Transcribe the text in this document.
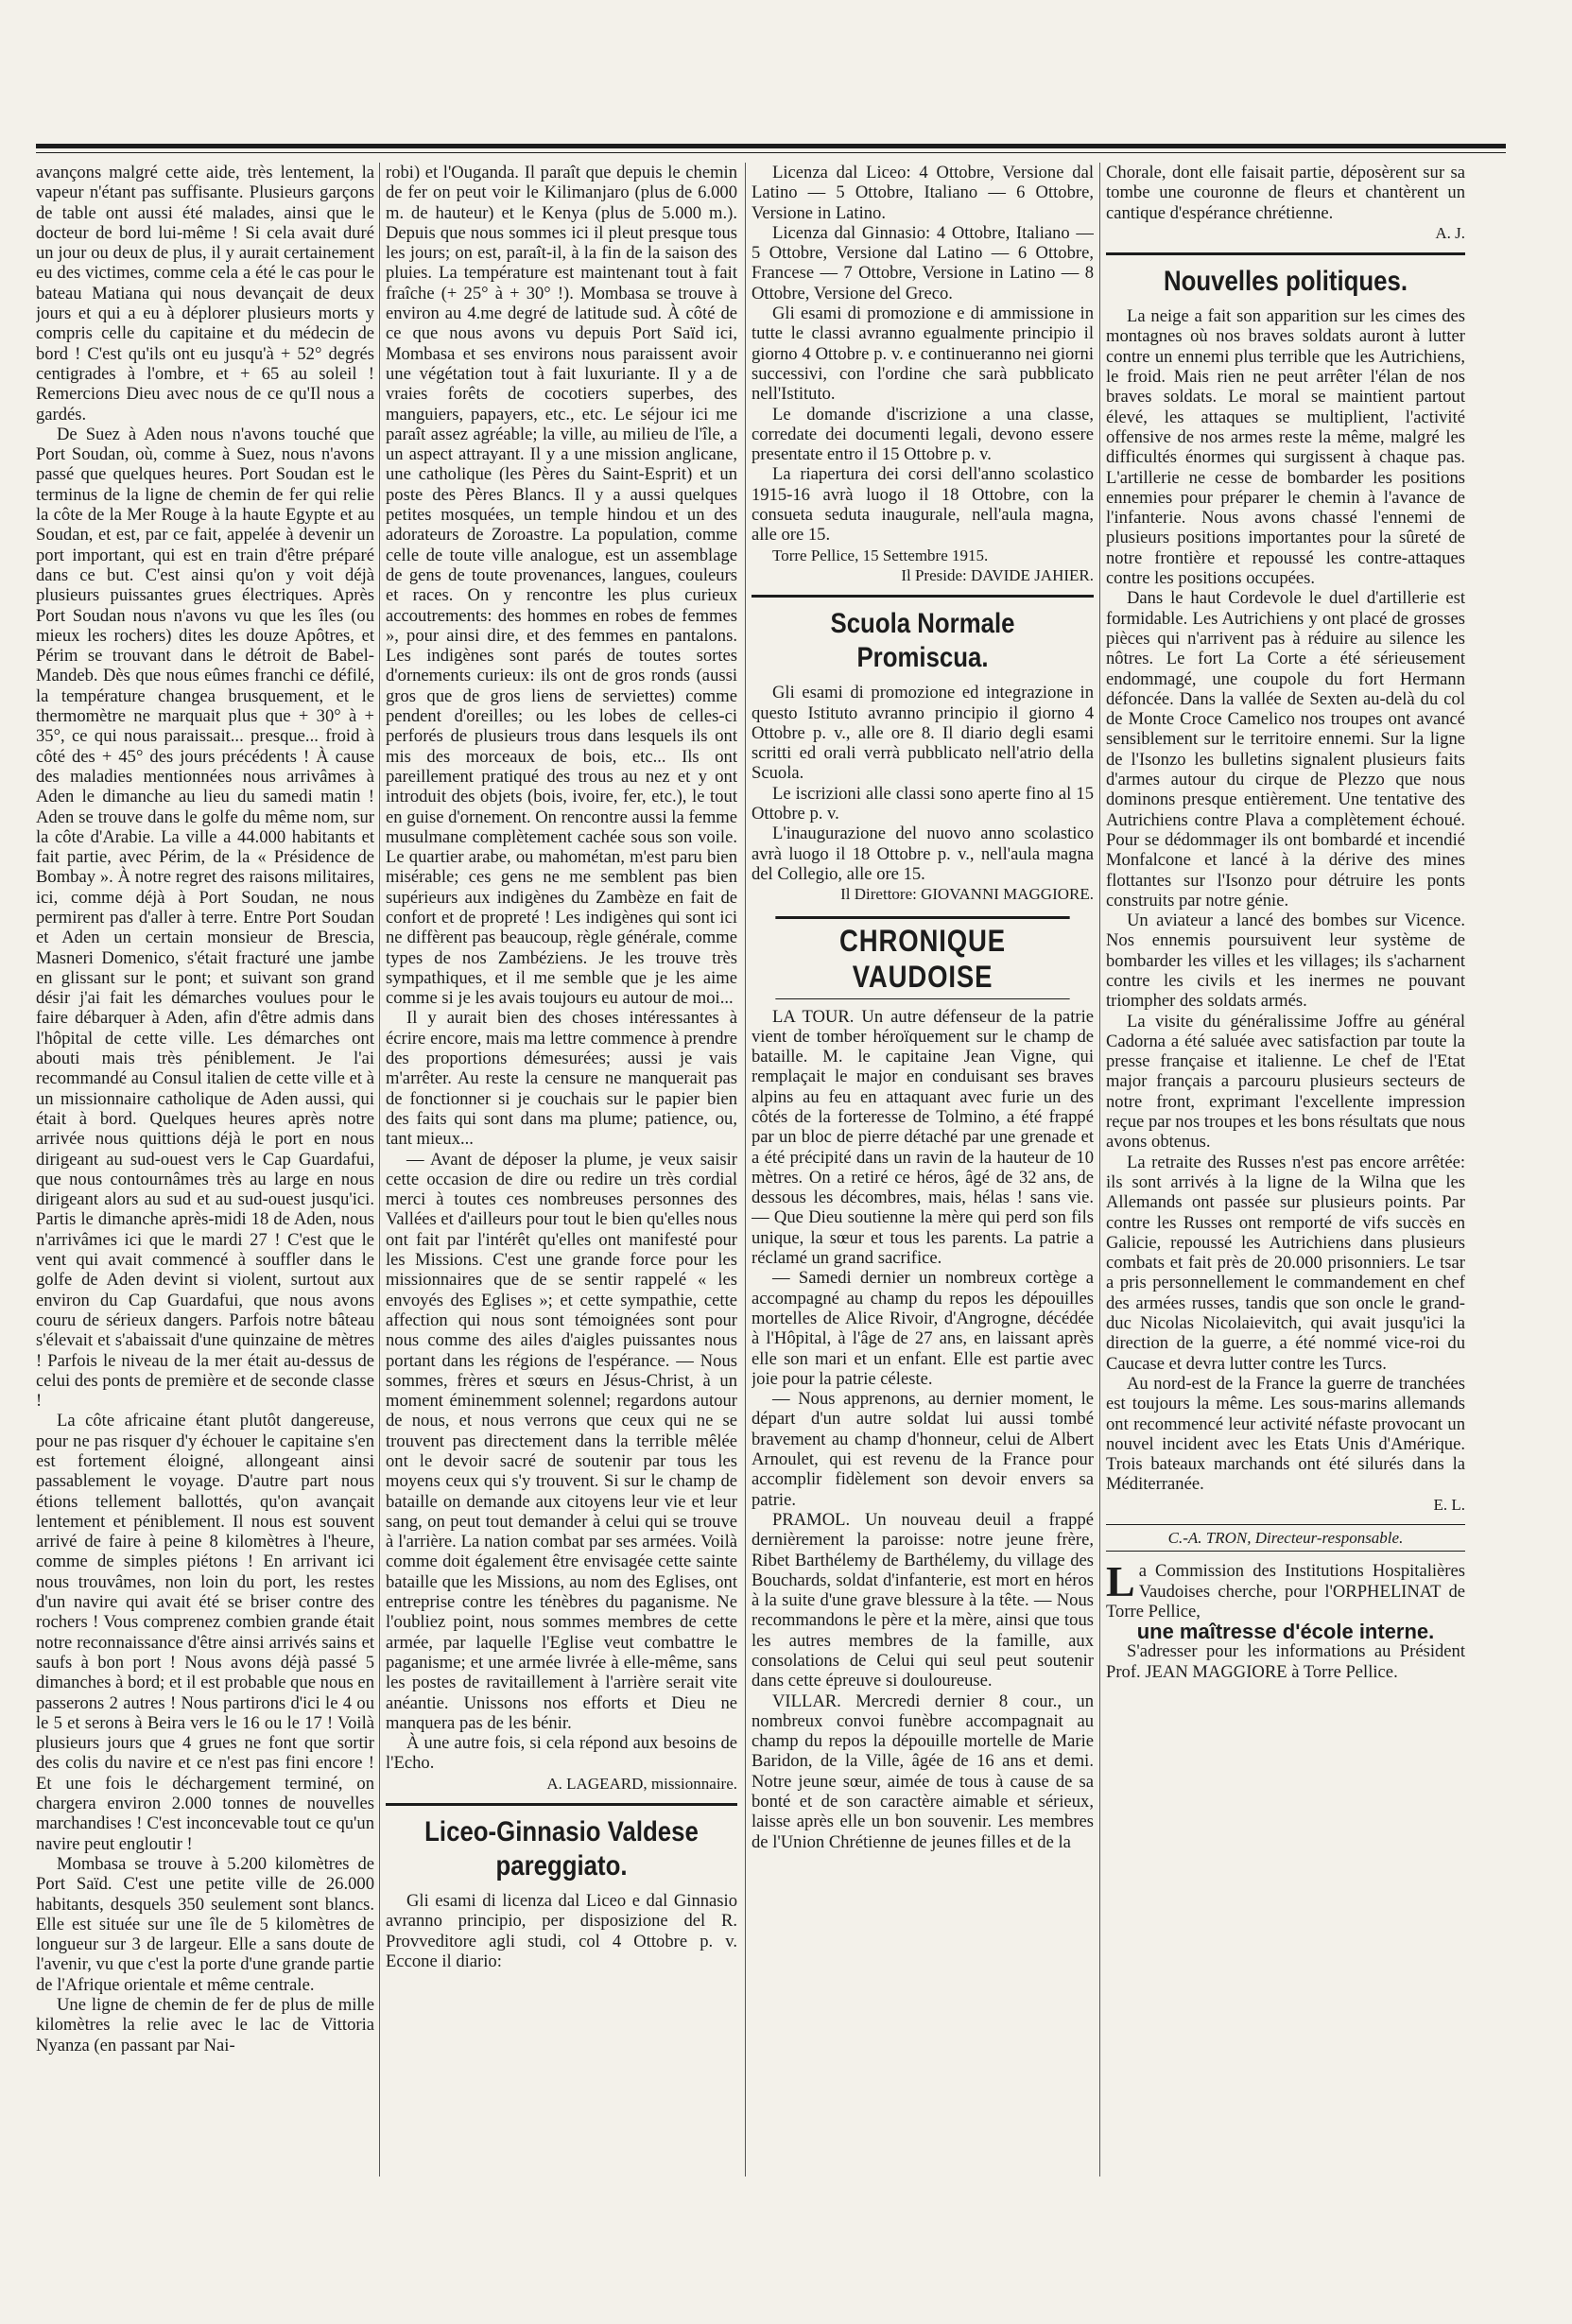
avançons malgré cette aide, très lentement, la vapeur n'étant pas suffisante. Plusieurs garçons de table ont aussi été malades, ainsi que le docteur de bord lui-même ! Si cela avait duré un jour ou deux de plus, il y aurait certainement eu des victimes, comme cela a été le cas pour le bateau Matiana qui nous devançait de deux jours et qui a eu à déplorer plusieurs morts y compris celle du capitaine et du médecin de bord ! C'est qu'ils ont eu jusqu'à + 52° degrés centigrades à l'ombre, et + 65 au soleil ! Remercions Dieu avec nous de ce qu'Il nous a gardés.

De Suez à Aden nous n'avons touché que Port Soudan, où, comme à Suez, nous n'avons passé que quelques heures. Port Soudan est le terminus de la ligne de chemin de fer qui relie la côte de la Mer Rouge à la haute Egypte et au Soudan, et est, par ce fait, appelée à devenir un port important, qui est en train d'être préparé dans ce but. C'est ainsi qu'on y voit déjà plusieurs puissantes grues électriques. Après Port Soudan nous n'avons vu que les îles (ou mieux les rochers) dites les douze Apôtres, et Périm se trouvant dans le détroit de Babel-Mandeb. Dès que nous eûmes franchi ce défilé, la température changea brusquement, et le thermomètre ne marquait plus que + 30° à + 35°, ce qui nous paraissait... presque... froid à côté des + 45° des jours précédents ! À cause des maladies mentionnées nous arrivâmes à Aden le dimanche au lieu du samedi matin ! Aden se trouve dans le golfe du même nom, sur la côte d'Arabie. La ville a 44.000 habitants et fait partie, avec Périm, de la « Présidence de Bombay ». À notre regret des raisons militaires, ici, comme déjà à Port Soudan, ne nous permirent pas d'aller à terre. Entre Port Soudan et Aden un certain monsieur de Brescia, Masneri Domenico, s'était fracturé une jambe en glissant sur le pont; et suivant son grand désir j'ai fait les démarches voulues pour le faire débarquer à Aden, afin d'être admis dans l'hôpital de cette ville. Les démarches ont abouti mais très péniblement. Je l'ai recommandé au Consul italien de cette ville et à un missionnaire catholique de Aden aussi, qui était à bord. Quelques heures après notre arrivée nous quittions déjà le port en nous dirigeant au sud-ouest vers le Cap Guardafui, que nous contournâmes très au large en nous dirigeant alors au sud et au sud-ouest jusqu'ici. Partis le dimanche après-midi 18 de Aden, nous n'arrivâmes ici que le mardi 27 ! C'est que le vent qui avait commencé à souffler dans le golfe de Aden devint si violent, surtout aux environ du Cap Guardafui, que nous avons couru de sérieux dangers. Parfois notre bâteau s'élevait et s'abaissait d'une quinzaine de mètres ! Parfois le niveau de la mer était au-dessus de celui des ponts de première et de seconde classe !

La côte africaine étant plutôt dangereuse, pour ne pas risquer d'y échouer le capitaine s'en est fortement éloigné, allongeant ainsi passablement le voyage. D'autre part nous étions tellement ballottés, qu'on avançait lentement et péniblement. Il nous est souvent arrivé de faire à peine 8 kilomètres à l'heure, comme de simples piétons ! En arrivant ici nous trouvâmes, non loin du port, les restes d'un navire qui avait été se briser contre des rochers ! Vous comprenez combien grande était notre reconnaissance d'être ainsi arrivés sains et saufs à bon port ! Nous avons déjà passé 5 dimanches à bord; et il est probable que nous en passerons 2 autres ! Nous partirons d'ici le 4 ou le 5 et serons à Beira vers le 16 ou le 17 ! Voilà plusieurs jours que 4 grues ne font que sortir des colis du navire et ce n'est pas fini encore ! Et une fois le déchargement terminé, on chargera environ 2.000 tonnes de nouvelles marchandises ! C'est inconcevable tout ce qu'un navire peut engloutir !

Mombasa se trouve à 5.200 kilomètres de Port Saïd. C'est une petite ville de 26.000 habitants, desquels 350 seulement sont blancs. Elle est située sur une île de 5 kilomètres de longueur sur 3 de largeur. Elle a sans doute de l'avenir, vu que c'est la porte d'une grande partie de l'Afrique orientale et même centrale.

Une ligne de chemin de fer de plus de mille kilomètres la relie avec le lac de Vittoria Nyanza (en passant par Nai-

robi) et l'Ouganda. Il paraît que depuis le chemin de fer on peut voir le Kilimanjaro (plus de 6.000 m. de hauteur) et le Kenya (plus de 5.000 m.). Depuis que nous sommes ici il pleut presque tous les jours; on est, paraît-il, à la fin de la saison des pluies. La température est maintenant tout à fait fraîche (+ 25° à + 30° !). Mombasa se trouve à environ au 4.me degré de latitude sud. À côté de ce que nous avons vu depuis Port Saïd ici, Mombasa et ses environs nous paraissent avoir une végétation tout à fait luxuriante. Il y a de vraies forêts de cocotiers superbes, des manguiers, papayers, etc., etc. Le séjour ici me paraît assez agréable; la ville, au milieu de l'île, a un aspect attrayant. Il y a une mission anglicane, une catholique (les Pères du Saint-Esprit) et un poste des Pères Blancs. Il y a aussi quelques petites mosquées, un temple hindou et un des adorateurs de Zoroastre. La population, comme celle de toute ville analogue, est un assemblage de gens de toute provenances, langues, couleurs et races. On y rencontre les plus curieux accoutrements: des hommes en robes de femmes », pour ainsi dire, et des femmes en pantalons. Les indigènes sont parés de toutes sortes d'ornements curieux: ils ont de gros ronds (aussi gros que de gros liens de serviettes) comme pendent d'oreilles; ou les lobes de celles-ci perforés de plusieurs trous dans lesquels ils ont mis des morceaux de bois, etc... Ils ont pareillement pratiqué des trous au nez et y ont introduit des objets (bois, ivoire, fer, etc.), le tout en guise d'ornement. On rencontre aussi la femme musulmane complètement cachée sous son voile. Le quartier arabe, ou mahométan, m'est paru bien misérable; ces gens ne me semblent pas bien supérieurs aux indigènes du Zambèze en fait de confort et de propreté ! Les indigènes qui sont ici ne diffèrent pas beaucoup, règle générale, comme types de nos Zambéziens. Je les trouve très sympathiques, et il me semble que je les aime comme si je les avais toujours eu autour de moi...

Il y aurait bien des choses intéressantes à écrire encore, mais ma lettre commence à prendre des proportions démesurées; aussi je vais m'arrêter. Au reste la censure ne manquerait pas de fonctionner si je couchais sur le papier bien des faits qui sont dans ma plume; patience, ou, tant mieux...

— Avant de déposer la plume, je veux saisir cette occasion de dire ou redire un très cordial merci à toutes ces nombreuses personnes des Vallées et d'ailleurs pour tout le bien qu'elles nous ont fait par l'intérêt qu'elles ont manifesté pour les Missions. C'est une grande force pour les missionnaires que de se sentir rappelé « les envoyés des Eglises »; et cette sympathie, cette affection qui nous sont témoignées sont pour nous comme des ailes d'aigles puissantes nous portant dans les régions de l'espérance. — Nous sommes, frères et sœurs en Jésus-Christ, à un moment éminemment solennel; regardons autour de nous, et nous verrons que ceux qui ne se trouvent pas directement dans la terrible mêlée ont le devoir sacré de soutenir par tous les moyens ceux qui s'y trouvent. Si sur le champ de bataille on demande aux citoyens leur vie et leur sang, on peut tout demander à celui qui se trouve à l'arrière. La nation combat par ses armées. Voilà comme doit également être envisagée cette sainte bataille que les Missions, au nom des Eglises, ont entreprise contre les ténèbres du paganisme. Ne l'oubliez point, nous sommes membres de cette armée, par laquelle l'Eglise veut combattre le paganisme; et une armée livrée à elle-même, sans les postes de ravitaillement à l'arrière serait vite anéantie. Unissons nos efforts et Dieu ne manquera pas de les bénir.

À une autre fois, si cela répond aux besoins de l'Echo.

A. LAGEARD, missionnaire.

Liceo-Ginnasio Valdese pareggiato.

Gli esami di licenza dal Liceo e dal Ginnasio avranno principio, per disposizione del R. Provveditore agli studi, col 4 Ottobre p. v. Eccone il diario:

Licenza dal Liceo: 4 Ottobre, Versione dal Latino — 5 Ottobre, Italiano — 6 Ottobre, Versione in Latino.

Licenza dal Ginnasio: 4 Ottobre, Italiano — 5 Ottobre, Versione dal Latino — 6 Ottobre, Francese — 7 Ottobre, Versione in Latino — 8 Ottobre, Versione del Greco.

Gli esami di promozione e di ammissione in tutte le classi avranno egualmente principio il giorno 4 Ottobre p. v. e continueranno nei giorni successivi, con l'ordine che sarà pubblicato nell'Istituto.

Le domande d'iscrizione a una classe, corredate dei documenti legali, devono essere presentate entro il 15 Ottobre p. v.

La riapertura dei corsi dell'anno scolastico 1915-16 avrà luogo il 18 Ottobre, con la consueta seduta inaugurale, nell'aula magna, alle ore 15.

Torre Pellice, 15 Settembre 1915.

Il Preside: DAVIDE JAHIER.

Scuola Normale Promiscua.

Gli esami di promozione ed integrazione in questo Istituto avranno principio il giorno 4 Ottobre p. v., alle ore 8. Il diario degli esami scritti ed orali verrà pubblicato nell'atrio della Scuola.

Le iscrizioni alle classi sono aperte fino al 15 Ottobre p. v.

L'inaugurazione del nuovo anno scolastico avrà luogo il 18 Ottobre p. v., nell'aula magna del Collegio, alle ore 15.

Il Direttore: GIOVANNI MAGGIORE.

CHRONIQUE VAUDOISE

LA TOUR. Un autre défenseur de la patrie vient de tomber héroïquement sur le champ de bataille. M. le capitaine Jean Vigne, qui remplaçait le major en conduisant ses braves alpins au feu en attaquant avec furie un des côtés de la forteresse de Tolmino, a été frappé par un bloc de pierre détaché par une grenade et a été précipité dans un ravin de la hauteur de 10 mètres. On a retiré ce héros, âgé de 32 ans, de dessous les décombres, mais, hélas ! sans vie. — Que Dieu soutienne la mère qui perd son fils unique, la sœur et tous les parents. La patrie a réclamé un grand sacrifice.

— Samedi dernier un nombreux cortège a accompagné au champ du repos les dépouilles mortelles de Alice Rivoir, d'Angrogne, décédée à l'Hôpital, à l'âge de 27 ans, en laissant après elle son mari et un enfant. Elle est partie avec joie pour la patrie céleste.

— Nous apprenons, au dernier moment, le départ d'un autre soldat lui aussi tombé bravement au champ d'honneur, celui de Albert Arnoulet, qui est revenu de la France pour accomplir fidèlement son devoir envers sa patrie.

PRAMOL. Un nouveau deuil a frappé dernièrement la paroisse: notre jeune frère, Ribet Barthélemy de Barthélemy, du village des Bouchards, soldat d'infanterie, est mort en héros à la suite d'une grave blessure à la tête. — Nous recommandons le père et la mère, ainsi que tous les autres membres de la famille, aux consolations de Celui qui seul peut soutenir dans cette épreuve si douloureuse.

VILLAR. Mercredi dernier 8 cour., un nombreux convoi funèbre accompagnait au champ du repos la dépouille mortelle de Marie Baridon, de la Ville, âgée de 16 ans et demi. Notre jeune sœur, aimée de tous à cause de sa bonté et de son caractère aimable et sérieux, laisse après elle un bon souvenir. Les membres de l'Union Chrétienne de jeunes filles et de la

Chorale, dont elle faisait partie, déposèrent sur sa tombe une couronne de fleurs et chantèrent un cantique d'espérance chrétienne.

A. J.

Nouvelles politiques.

La neige a fait son apparition sur les cimes des montagnes où nos braves soldats auront à lutter contre un ennemi plus terrible que les Autrichiens, le froid. Mais rien ne peut arrêter l'élan de nos braves soldats. Le moral se maintient partout élevé, les attaques se multiplient, l'activité offensive de nos armes reste la même, malgré les difficultés énormes qui surgissent à chaque pas. L'artillerie ne cesse de bombarder les positions ennemies pour préparer le chemin à l'avance de l'infanterie. Nous avons chassé l'ennemi de plusieurs positions importantes pour la sûreté de notre frontière et repoussé les contre-attaques contre les positions occupées.

Dans le haut Cordevole le duel d'artillerie est formidable. Les Autrichiens y ont placé de grosses pièces qui n'arrivent pas à réduire au silence les nôtres. Le fort La Corte a été sérieusement endommagé, une coupole du fort Hermann défoncée. Dans la vallée de Sexten au-delà du col de Monte Croce Camelico nos troupes ont avancé sensiblement sur le territoire ennemi. Sur la ligne de l'Isonzo les bulletins signalent plusieurs faits d'armes autour du cirque de Plezzo que nous dominons presque entièrement. Une tentative des Autrichiens contre Plava a complètement échoué. Pour se dédommager ils ont bombardé et incendié Monfalcone et lancé à la dérive des mines flottantes sur l'Isonzo pour détruire les ponts construits par notre génie.

Un aviateur a lancé des bombes sur Vicence. Nos ennemis poursuivent leur système de bombarder les villes et les villages; ils s'acharnent contre les civils et les inermes ne pouvant triompher des soldats armés.

La visite du généralissime Joffre au général Cadorna a été saluée avec satisfaction par toute la presse française et italienne. Le chef de l'Etat major français a parcouru plusieurs secteurs de notre front, exprimant l'excellente impression reçue par nos troupes et les bons résultats que nous avons obtenus.

La retraite des Russes n'est pas encore arrêtée: ils sont arrivés à la ligne de la Wilna que les Allemands ont passée sur plusieurs points. Par contre les Russes ont remporté de vifs succès en Galicie, repoussé les Autrichiens dans plusieurs combats et fait près de 20.000 prisonniers. Le tsar a pris personnellement le commandement en chef des armées russes, tandis que son oncle le grand-duc Nicolas Nicolaievitch, qui avait jusqu'ici la direction de la guerre, a été nommé vice-roi du Caucase et devra lutter contre les Turcs.

Au nord-est de la France la guerre de tranchées est toujours la même. Les sous-marins allemands ont recommencé leur activité néfaste provocant un nouvel incident avec les Etats Unis d'Amérique. Trois bateaux marchands ont été silurés dans la Méditerranée.

E. L.

C.-A. TRON, Directeur-responsable.

La Commission des Institutions Hospitalières Vaudoises cherche, pour l'ORPHELINAT de Torre Pellice,

une maîtresse d'école interne.

S'adresser pour les informations au Président Prof. JEAN MAGGIORE à Torre Pellice.
